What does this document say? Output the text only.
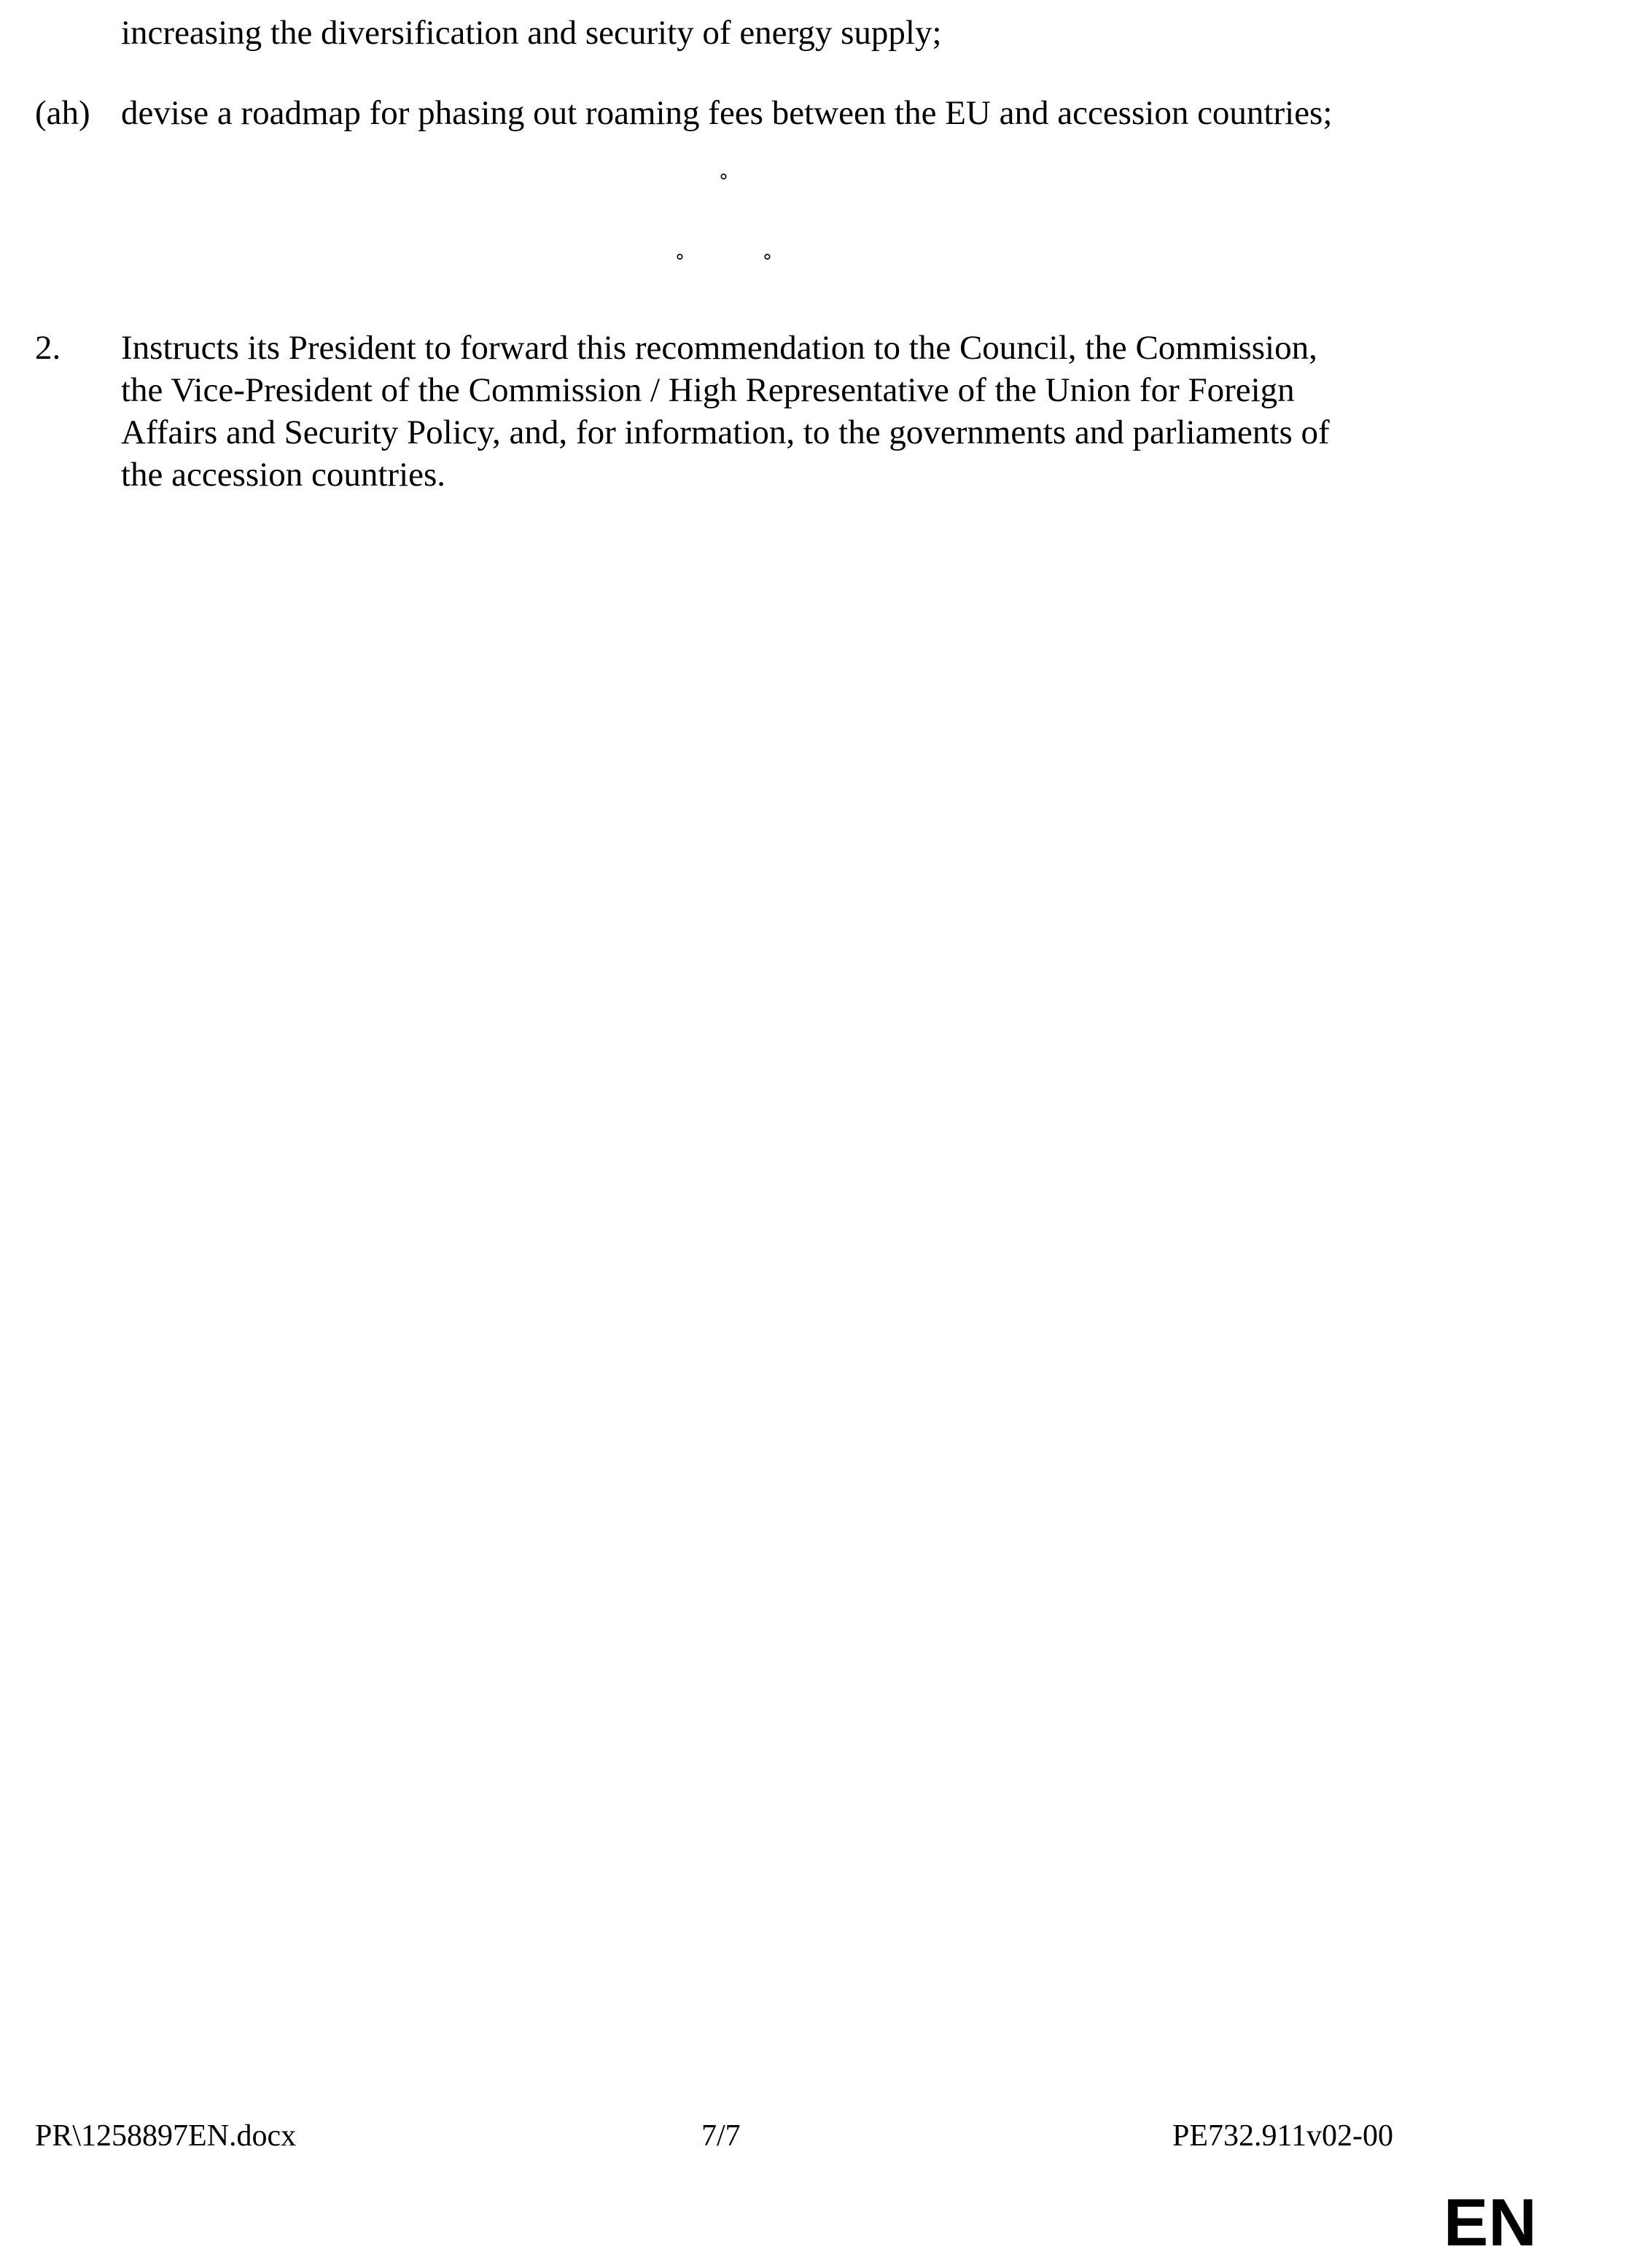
increasing the diversification and security of energy supply;
(ah) devise a roadmap for phasing out roaming fees between the EU and accession countries;
°
°	°
2. Instructs its President to forward this recommendation to the Council, the Commission,
the Vice-President of the Commission / High Representative of the Union for Foreign
Affairs and Security Policy, and, for information, to the governments and parliaments of
the accession countries.
PR\1258897EN.docx	7/7	PE732.911v02-00
EN
